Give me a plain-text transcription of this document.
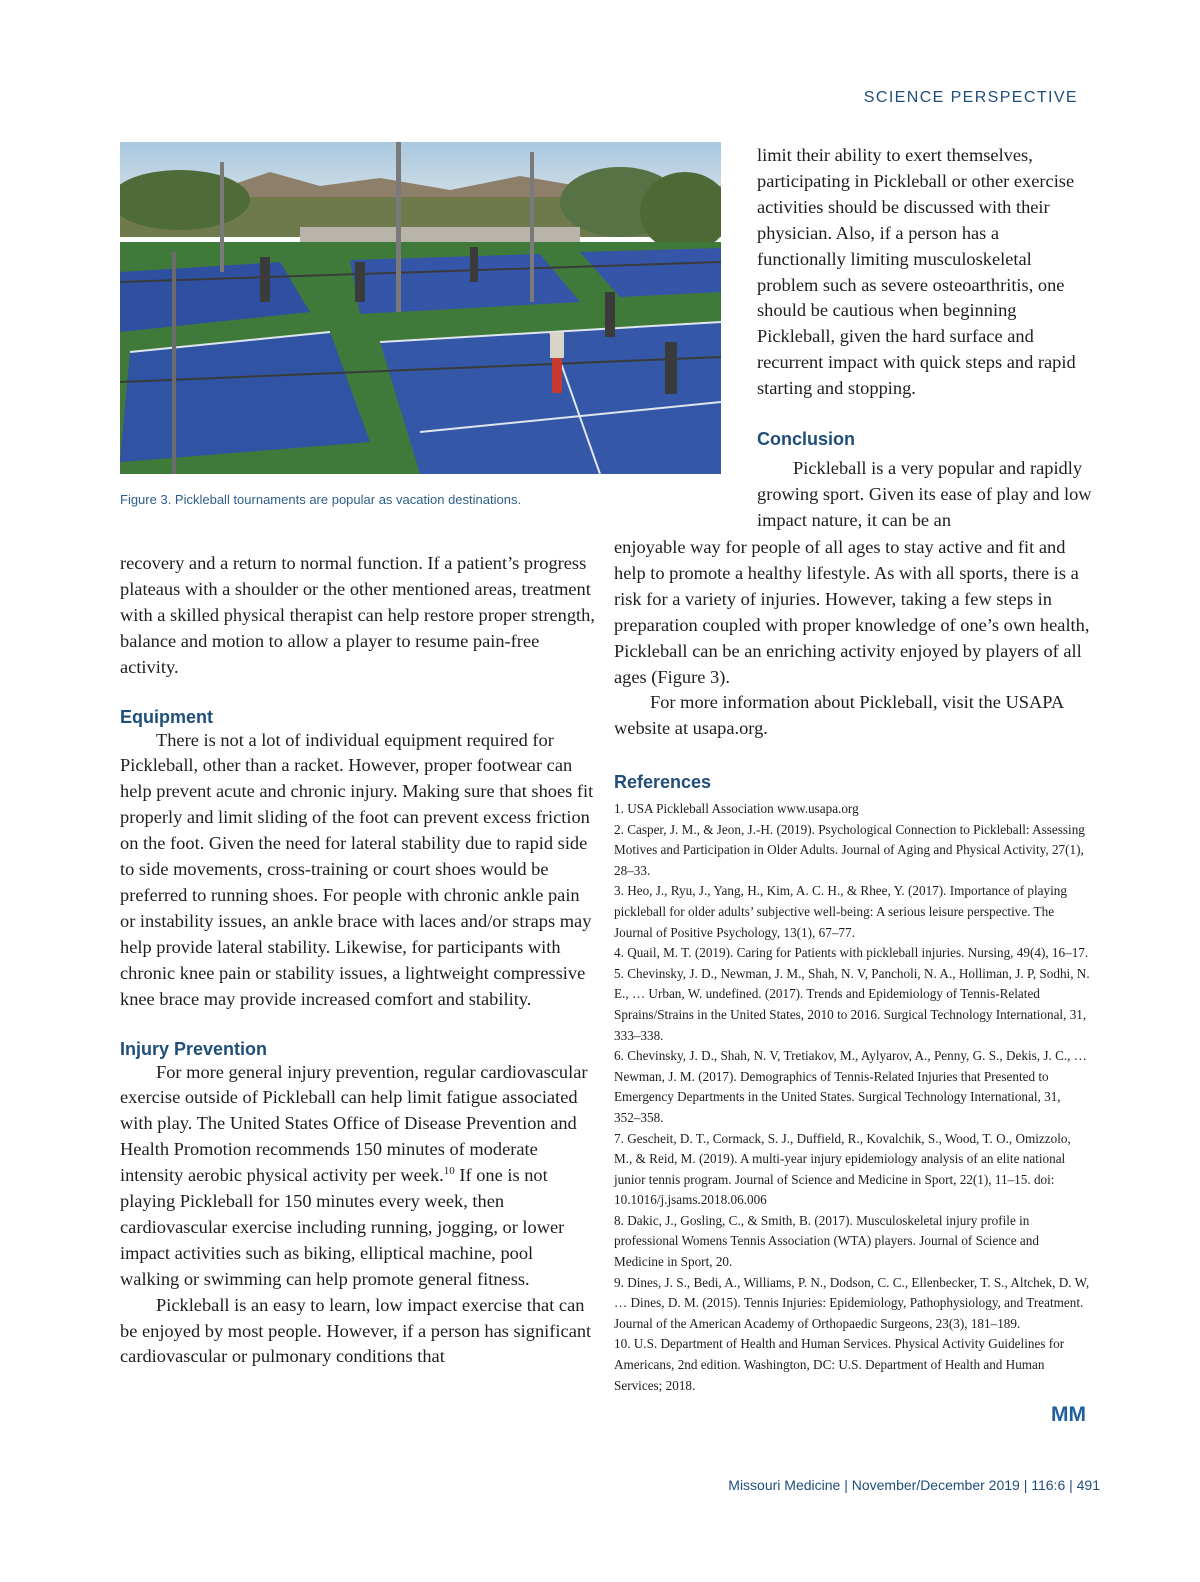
SCIENCE PERSPECTIVE
Figure 3. Pickleball tournaments are popular as vacation destinations.

recovery and a return to normal function. If a patient’s progress plateaus with a shoulder or the other mentioned areas, treatment with a skilled physical therapist can help restore proper strength, balance and motion to allow a player to resume pain-free activity.

Equipment

There is not a lot of individual equipment required for Pickleball, other than a racket. However, proper footwear can help prevent acute and chronic injury. Making sure that shoes fit properly and limit sliding of the foot can prevent excess friction on the foot. Given the need for lateral stability due to rapid side to side movements, cross-training or court shoes would be preferred to running shoes. For people with chronic ankle pain or instability issues, an ankle brace with laces and/or straps may help provide lateral stability. Likewise, for participants with chronic knee pain or stability issues, a lightweight compressive knee brace may provide increased comfort and stability.

Injury Prevention

For more general injury prevention, regular cardiovascular exercise outside of Pickleball can help limit fatigue associated with play. The United States Office of Disease Prevention and Health Promotion recommends 150 minutes of moderate intensity aerobic physical activity per week.$^{10}$ If one is not playing Pickleball for 150 minutes every week, then cardiovascular exercise including running, jogging, or lower impact activities such as biking, elliptical machine, pool walking or swimming can help promote general fitness.

Pickleball is an easy to learn, low impact exercise that can be enjoyed by most people. However, if a person has significant cardiovascular or pulmonary conditions that

limit their ability to exert themselves, participating in Pickleball or other exercise activities should be discussed with their physician. Also, if a person has a functionally limiting musculoskeletal problem such as severe osteoarthritis, one should be cautious when beginning Pickleball, given the hard surface and recurrent impact with quick steps and rapid starting and stopping.

Conclusion

Pickleball is a very popular and rapidly growing sport. Given its ease of play and low impact nature, it can be an

enjoyable way for people of all ages to stay active and fit and help to promote a healthy lifestyle. As with all sports, there is a risk for a variety of injuries. However, taking a few steps in preparation coupled with proper knowledge of one’s own health, Pickleball can be an enriching activity enjoyed by players of all ages (Figure 3).

For more information about Pickleball, visit the USAPA website at usapa.org.

References

1. USA Pickleball Association www.usapa.org

2. Casper, J. M., & Jeon, J.-H. (2019). Psychological Connection to Pickleball: Assessing Motives and Participation in Older Adults. Journal of Aging and Physical Activity, 27(1), 28–33.

3. Heo, J., Ryu, J., Yang, H., Kim, A. C. H., & Rhee, Y. (2017). Importance of playing pickleball for older adults’ subjective well-being: A serious leisure perspective. The Journal of Positive Psychology, 13(1), 67–77.

4. Quail, M. T. (2019). Caring for Patients with pickleball injuries. Nursing, 49(4), 16–17.

5. Chevinsky, J. D., Newman, J. M., Shah, N. V, Pancholi, N. A., Holliman, J. P, Sodhi, N. E., … Urban, W. undefined. (2017). Trends and Epidemiology of Tennis-Related Sprains/Strains in the United States, 2010 to 2016. Surgical Technology International, 31, 333–338.

6. Chevinsky, J. D., Shah, N. V, Tretiakov, M., Aylyarov, A., Penny, G. S., Dekis, J. C., … Newman, J. M. (2017). Demographics of Tennis-Related Injuries that Presented to Emergency Departments in the United States. Surgical Technology International, 31, 352–358.

7. Gescheit, D. T., Cormack, S. J., Duffield, R., Kovalchik, S., Wood, T. O., Omizzolo, M., & Reid, M. (2019). A multi-year injury epidemiology analysis of an elite national junior tennis program. Journal of Science and Medicine in Sport, 22(1), 11–15. doi: 10.1016/j.jsams.2018.06.006

8. Dakic, J., Gosling, C., & Smith, B. (2017). Musculoskeletal injury profile in professional Womens Tennis Association (WTA) players. Journal of Science and Medicine in Sport, 20.

9. Dines, J. S., Bedi, A., Williams, P. N., Dodson, C. C., Ellenbecker, T. S., Altchek, D. W, … Dines, D. M. (2015). Tennis Injuries: Epidemiology, Pathophysiology, and Treatment. Journal of the American Academy of Orthopaedic Surgeons, 23(3), 181–189.

10. U.S. Department of Health and Human Services. Physical Activity Guidelines for Americans, 2nd edition. Washington, DC: U.S. Department of Health and Human Services; 2018.

MM
Missouri Medicine | November/December 2019 | 116:6 | 491
